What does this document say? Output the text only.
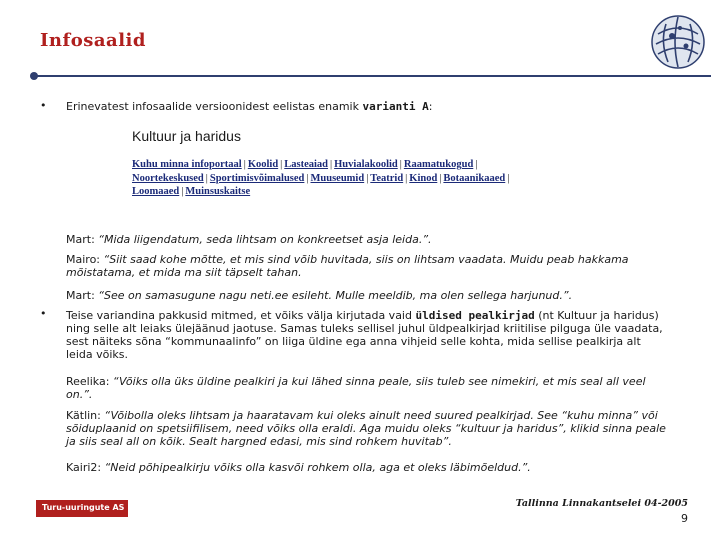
Infosaalid
• Erinevatest infosaalide versioonidest eelistas enamik varianti A:
Kultuur ja haridus
Kuhu minna infoportaal | Koolid | Lasteaiad | Huvialakoolid | Raamatukogud |
Noortekeskused | Sportimisvõimalused | Muuseumid | Teatrid | Kinod | Botaanikaaed |
Loomaaed | Muinsuskaitse
Mart: “Mida liigendatum, seda lihtsam on konkreetset asja leida.”.
Mairo: “Siit saad kohe mõtte, et mis sind võib huvitada, siis on lihtsam vaadata. Muidu peab hakkama mõistatama, et mida ma siit täpselt tahan.
Mart: “See on samasugune nagu neti.ee esileht. Mulle meeldib, ma olen sellega harjunud.”.
• Teise variandina pakkusid mitmed, et võiks välja kirjutada vaid üldised pealkirjad (nt Kultuur ja haridus) ning selle alt leiaks ülejäänud jaotuse. Samas tuleks sellisel juhul üldpealkirjad kriitilise pilguga üle vaadata, sest näiteks sõna “kommunaalinfo” on liiga üldine ega anna vihjeid selle kohta, mida sellise pealkirja alt leida võiks.
Reelika: “Võiks olla üks üldine pealkiri ja kui lähed sinna peale, siis tuleb see nimekiri, et mis seal all veel on.”.
Kätlin: “Võibolla oleks lihtsam ja haaratavam kui oleks ainult need suured pealkirjad. See “kuhu minna” või sõiduplaanid on spetsiifilisem, need võiks olla eraldi. Aga muidu oleks “kultuur ja haridus”, klikid sinna peale ja siis seal all on kõik. Sealt hargned edasi, mis sind rohkem huvitab”.
Kairi2: “Neid põhipealkirju võiks olla kasvõi rohkem olla, aga et oleks läbimõeldud.”.
Turu-uuringute AS	Tallinna Linnakantselei 04-2005
9
